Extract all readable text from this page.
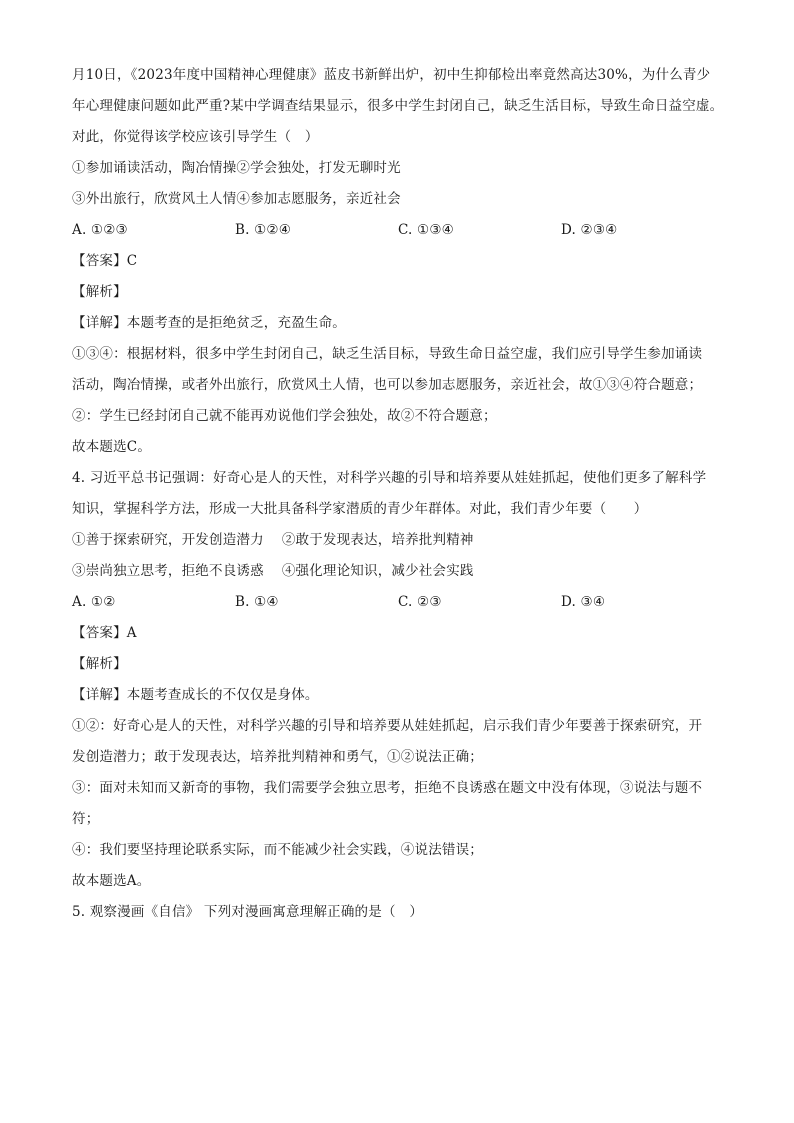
月10日，《2023年度中国精神心理健康》蓝皮书新鲜出炉，初中生抑郁检出率竟然高达30%，为什么青少
年心理健康问题如此严重?某中学调查结果显示，很多中学生封闭自己，缺乏生活目标，导致生命日益空虚。
对此，你觉得该学校应该引导学生（　）
①参加诵读活动，陶冶情操②学会独处，打发无聊时光
③外出旅行，欣赏风土人情④参加志愿服务，亲近社会
A. ①②③	B. ①②④	C. ①③④	D. ②③④
【答案】C
【解析】
【详解】本题考查的是拒绝贫乏，充盈生命。
①③④：根据材料，很多中学生封闭自己，缺乏生活目标，导致生命日益空虚，我们应引导学生参加诵读
活动，陶冶情操，或者外出旅行，欣赏风土人情，也可以参加志愿服务，亲近社会，故①③④符合题意；
②：学生已经封闭自己就不能再劝说他们学会独处，故②不符合题意；
故本题选C。
4. 习近平总书记强调：好奇心是人的天性，对科学兴趣的引导和培养要从娃娃抓起，使他们更多了解科学
知识，掌握科学方法，形成一大批具备科学家潜质的青少年群体。对此，我们青少年要（　　）
①善于探索研究，开发创造潜力 ②敢于发现表达，培养批判精神
③崇尚独立思考，拒绝不良诱惑 ④强化理论知识，减少社会实践
A. ①②	B. ①④	C. ②③	D. ③④
【答案】A
【解析】
【详解】本题考查成长的不仅仅是身体。
①②：好奇心是人的天性，对科学兴趣的引导和培养要从娃娃抓起，启示我们青少年要善于探索研究，开
发创造潜力；敢于发现表达，培养批判精神和勇气，①②说法正确；
③：面对未知而又新奇的事物，我们需要学会独立思考，拒绝不良诱惑在题文中没有体现，③说法与题不
符；
④：我们要坚持理论联系实际，而不能减少社会实践，④说法错误；
故本题选A。
5. 观察漫画《自信》 下列对漫画寓意理解正确的是（　）
